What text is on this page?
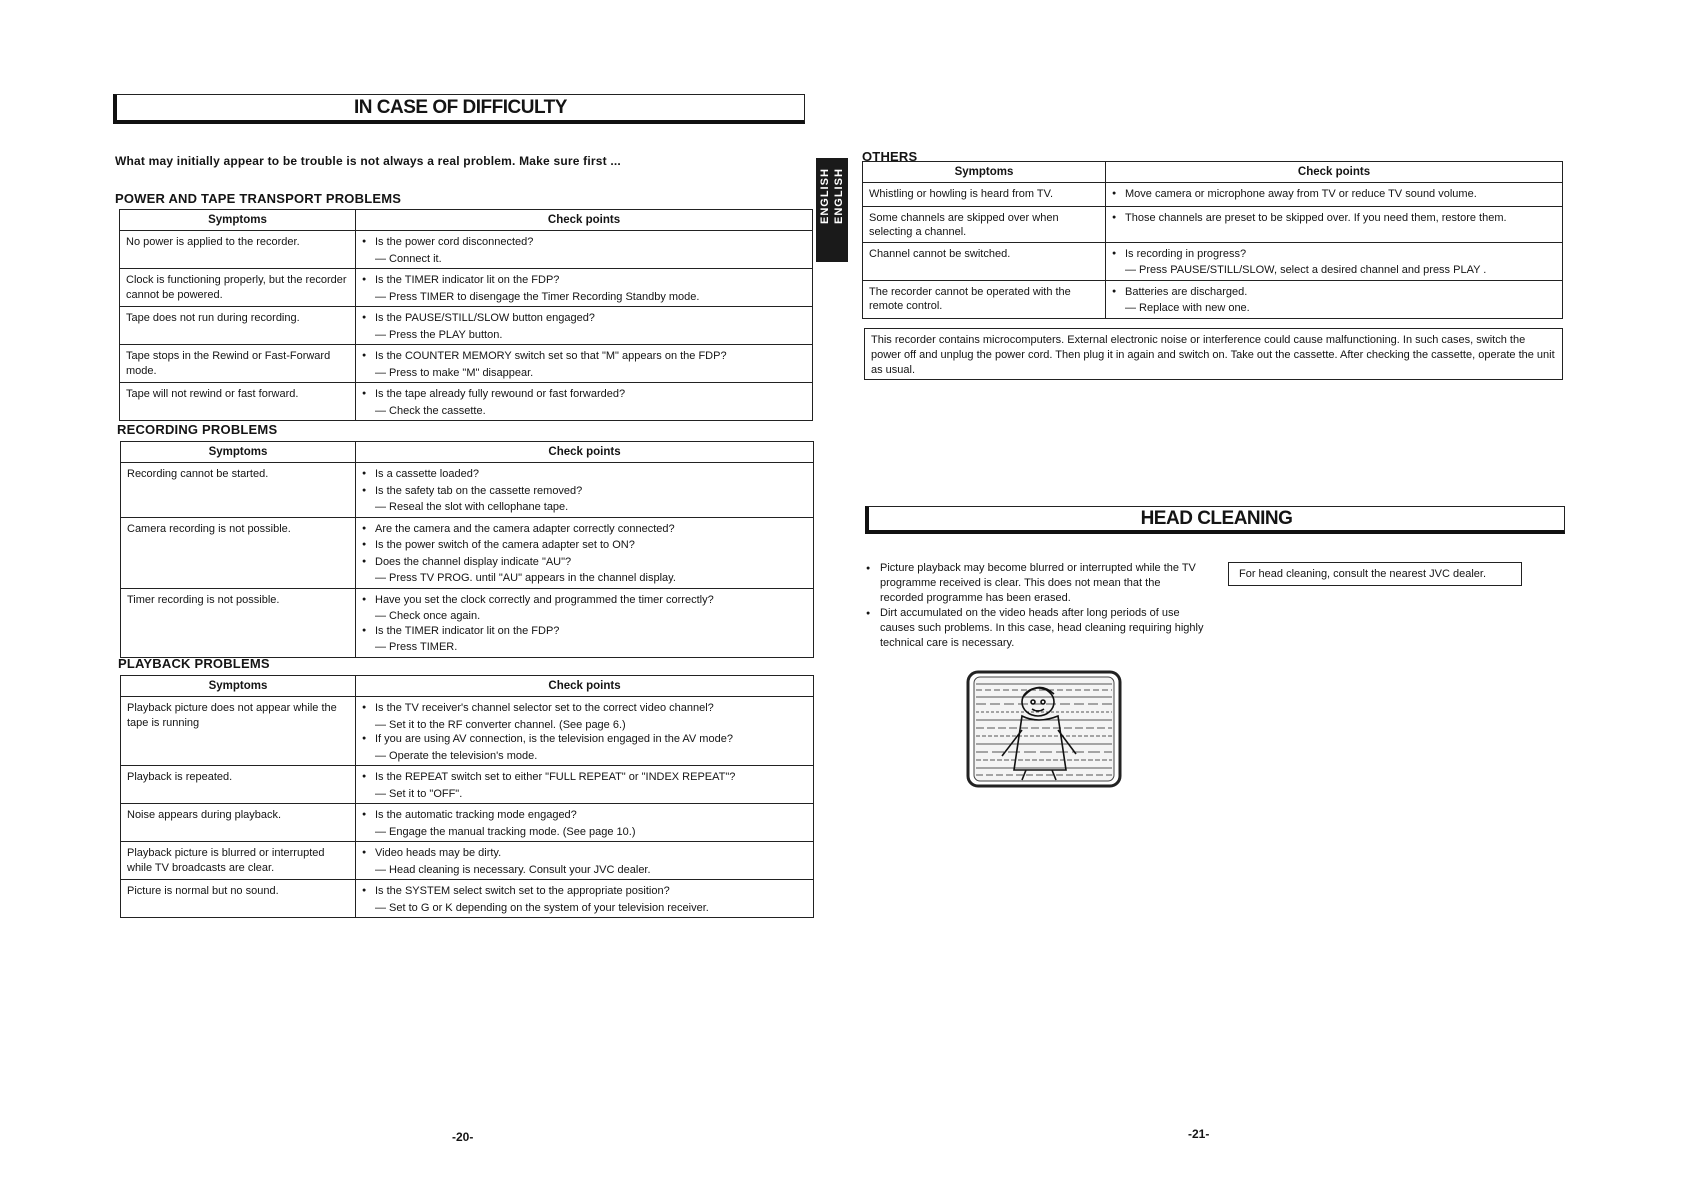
IN CASE OF DIFFICULTY
What may initially appear to be trouble is not always a real problem. Make sure first ...
POWER AND TAPE TRANSPORT PROBLEMS
Symptoms	Check points
No power is applied to the recorder.	● Is the power cord disconnected?
— Connect it.

Clock is functioning properly, but the recorder cannot be powered.	● Is the TIMER indicator lit on the FDP?
— Press TIMER to disengage the Timer Recording Standby mode.

Tape does not run during recording.	● Is the PAUSE/STILL/SLOW button engaged?
— Press the PLAY button.

Tape stops in the Rewind or Fast-Forward mode.	● Is the COUNTER MEMORY switch set so that "M" appears on the FDP?
— Press to make "M" disappear.

Tape will not rewind or fast forward.	● Is the tape already fully rewound or fast forwarded?
— Check the cassette.
RECORDING PROBLEMS
Symptoms	Check points
Recording cannot be started.	● Is a cassette loaded?
● Is the safety tab on the cassette removed?
— Reseal the slot with cellophane tape.

Camera recording is not possible.	● Are the camera and the camera adapter correctly connected?
● Is the power switch of the camera adapter set to ON?
● Does the channel display indicate "AU"?
— Press TV PROG. until "AU" appears in the channel display.

Timer recording is not possible.	● Have you set the clock correctly and programmed the timer correctly?
— Check once again.
● Is the TIMER indicator lit on the FDP?
— Press TIMER.
PLAYBACK PROBLEMS
Symptoms	Check points
Playback picture does not appear while the tape is running	● Is the TV receiver's channel selector set to the correct video channel?
— Set it to the RF converter channel. (See page 6.)
● If you are using AV connection, is the television engaged in the AV mode?
— Operate the television's mode.

Playback is repeated.	● Is the REPEAT switch set to either "FULL REPEAT" or "INDEX REPEAT"?
— Set it to "OFF".

Noise appears during playback.	● Is the automatic tracking mode engaged?
— Engage the manual tracking mode. (See page 10.)

Playback picture is blurred or interrupted while TV broadcasts are clear.	● Video heads may be dirty.
— Head cleaning is necessary. Consult your JVC dealer.

Picture is normal but no sound.	● Is the SYSTEM select switch set to the appropriate position?
— Set to G or K depending on the system of your television receiver.
-20-
ENGLISH ENGLISH
OTHERS
Symptoms	Check points
Whistling or howling is heard from TV.	● Move camera or microphone away from TV or reduce TV sound volume.

Some channels are skipped over when selecting a channel.	● Those channels are preset to be skipped over. If you need them, restore them.

Channel cannot be switched.	● Is recording in progress?
— Press PAUSE/STILL/SLOW, select a desired channel and press PLAY .

The recorder cannot be operated with the remote control.	● Batteries are discharged.
— Replace with new one.
This recorder contains microcomputers. External electronic noise or interference could cause malfunctioning. In such cases, switch the power off and unplug the power cord. Then plug it in again and switch on. Take out the cassette. After checking the cassette, operate the unit as usual.
HEAD CLEANING
● Picture playback may become blurred or interrupted while the TV programme received is clear. This does not mean that the recorded programme has been erased.
● Dirt accumulated on the video heads after long periods of use causes such problems. In this case, head cleaning requiring highly technical care is necessary.
For head cleaning, consult the nearest JVC dealer.
-21-
